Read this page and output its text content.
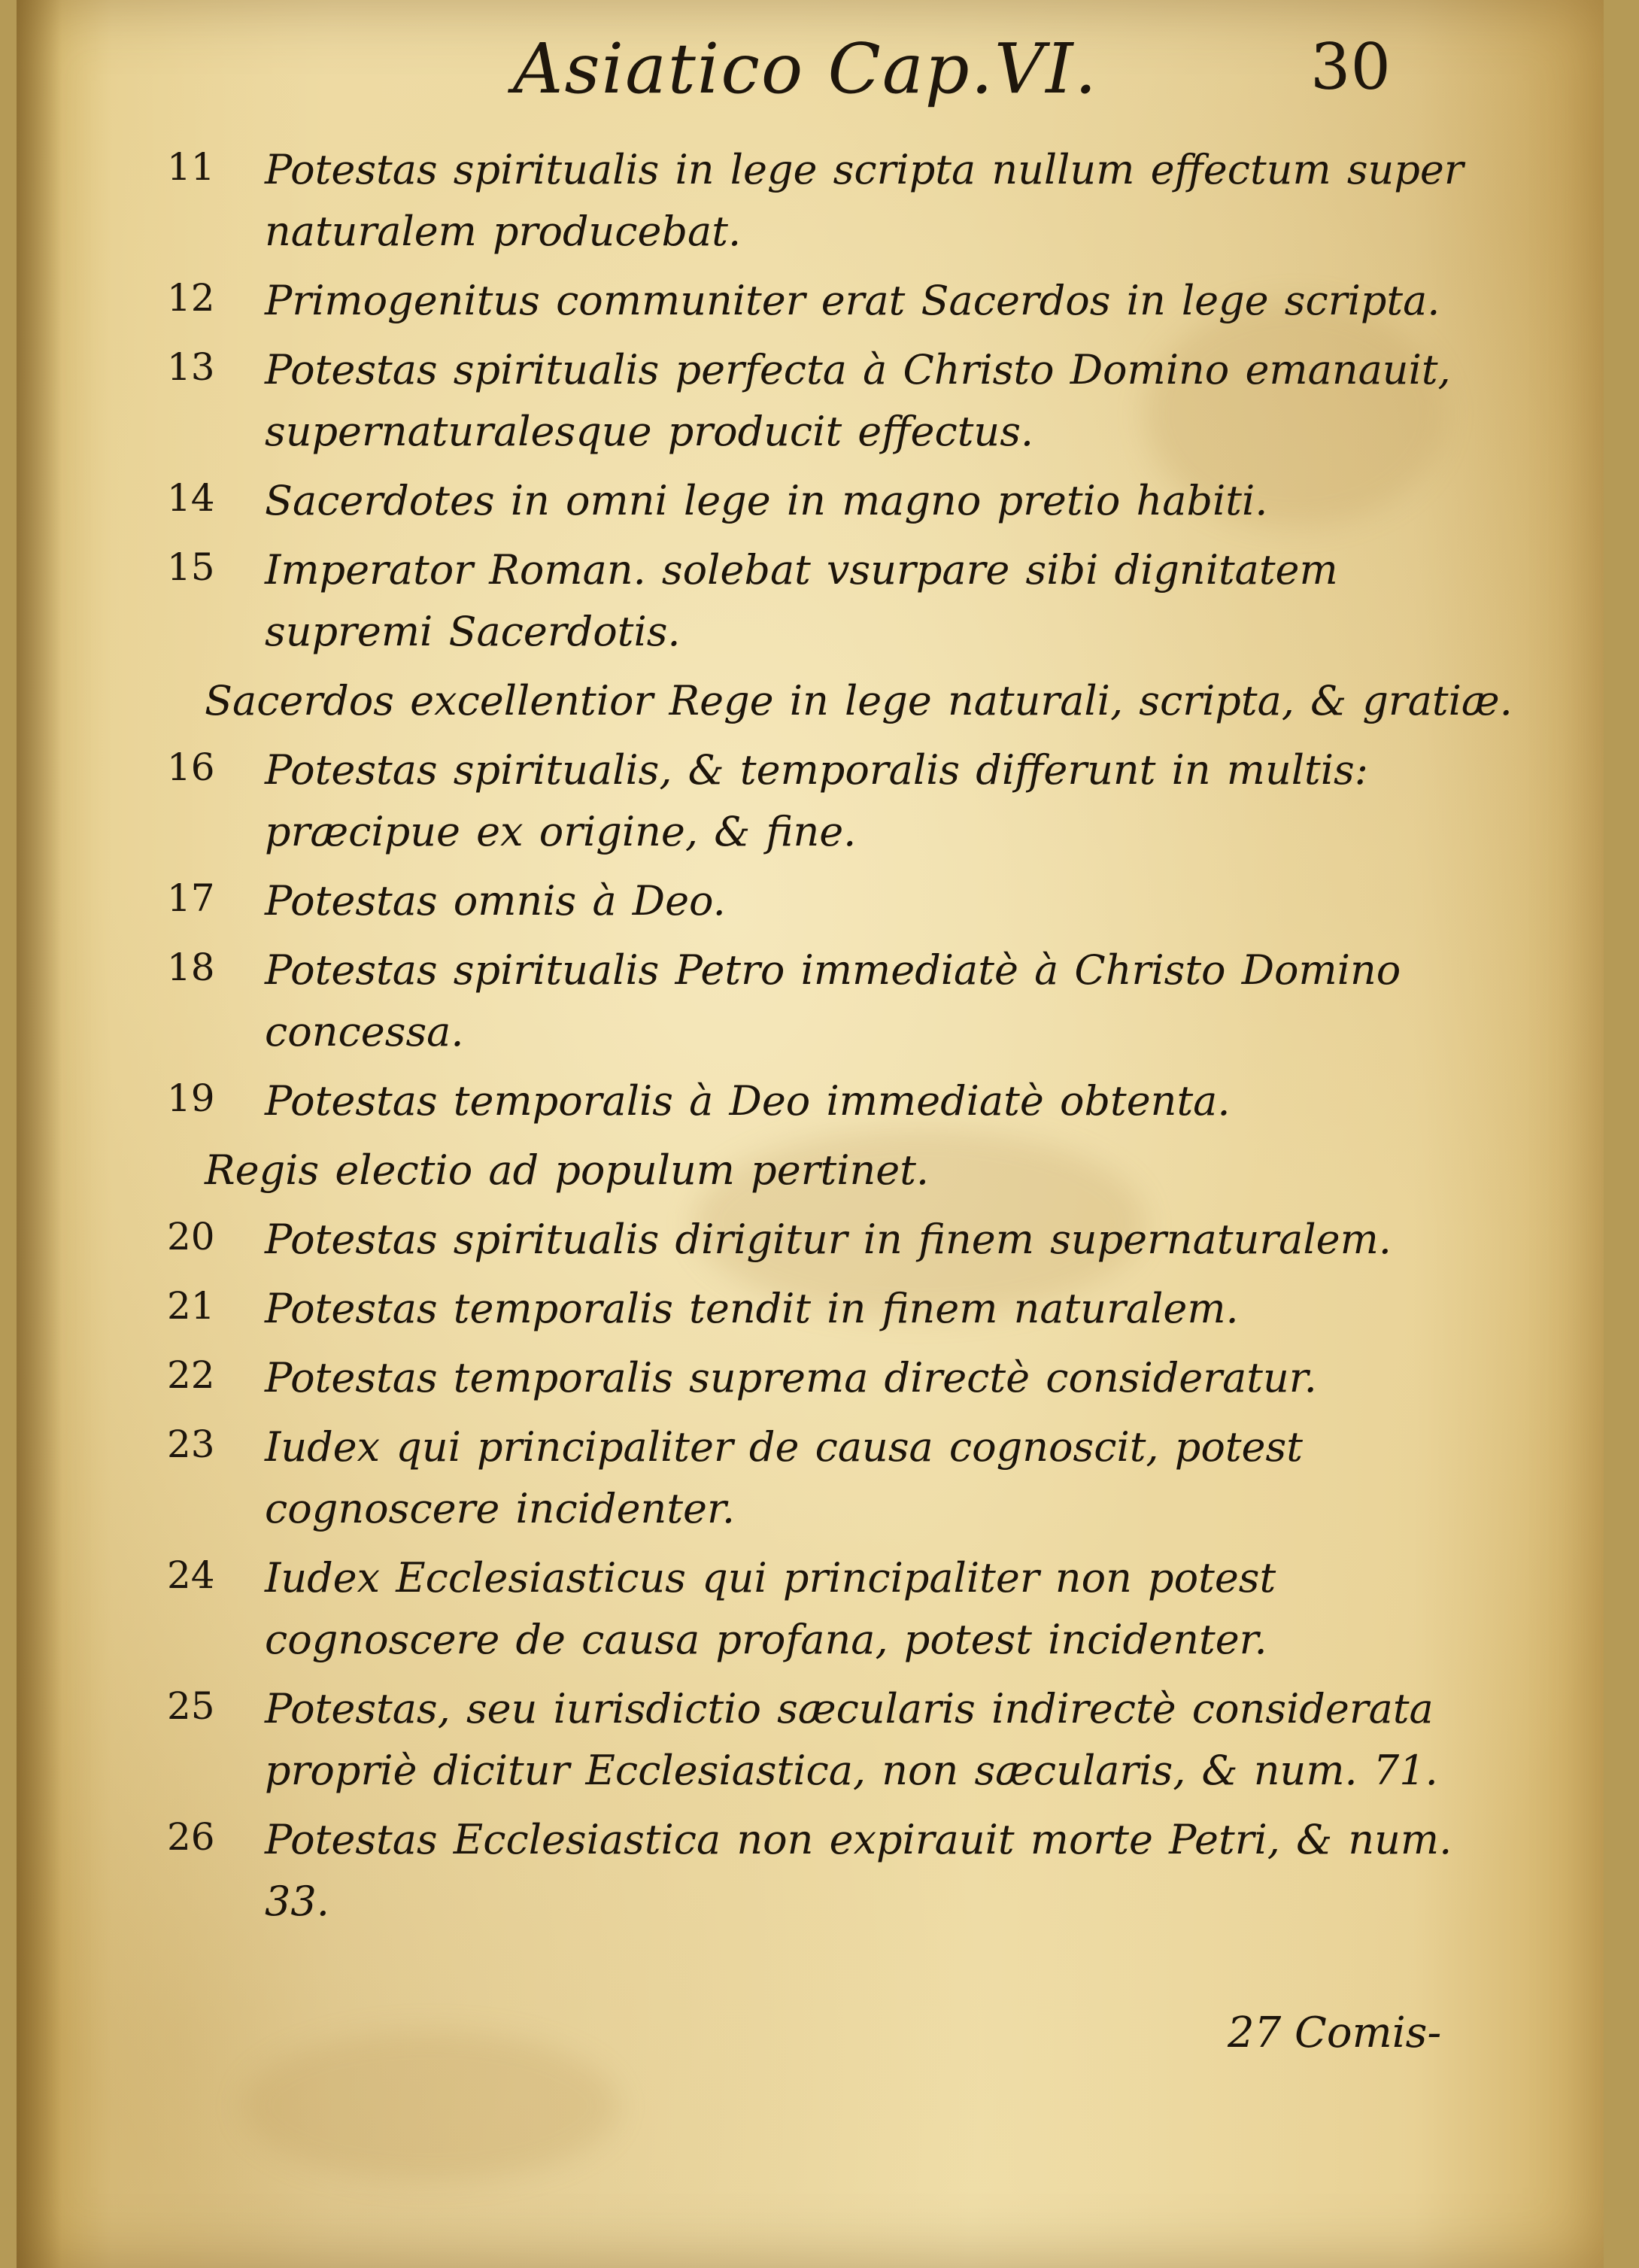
Asiatico Cap.VI.	30
11	Potestas spiritualis in lege scripta nullum effectum super naturalem producebat.
12	Primogenitus communiter erat Sacerdos in lege scripta.
13	Potestas spiritualis perfecta à Christo Domino emanauit, supernaturalesque producit effectus.
14	Sacerdotes in omni lege in magno pretio habiti.
15	Imperator Roman. solebat vsurpare sibi dignitatem supremi Sacerdotis.
Sacerdos excellentior Rege in lege naturali, scripta, & gratiæ.
16	Potestas spiritualis, & temporalis differunt in multis: præcipue ex origine, & fine.
17	Potestas omnis à Deo.
18	Potestas spiritualis Petro immediatè à Christo Domino concessa.
19	Potestas temporalis à Deo immediatè obtenta.
Regis electio ad populum pertinet.
20	Potestas spiritualis dirigitur in finem supernaturalem.
21	Potestas temporalis tendit in finem naturalem.
22	Potestas temporalis suprema directè consideratur.
23	Iudex qui principaliter de causa cognoscit, potest cognoscere incidenter.
24	Iudex Ecclesiasticus qui principaliter non potest cognoscere de causa profana, potest incidenter.
25	Potestas, seu iurisdictio sæcularis indirectè considerata propriè dicitur Ecclesiastica, non sæcularis, & num. 71.
26	Potestas Ecclesiastica non expirauit morte Petri, & num. 33.
27 Comis-
